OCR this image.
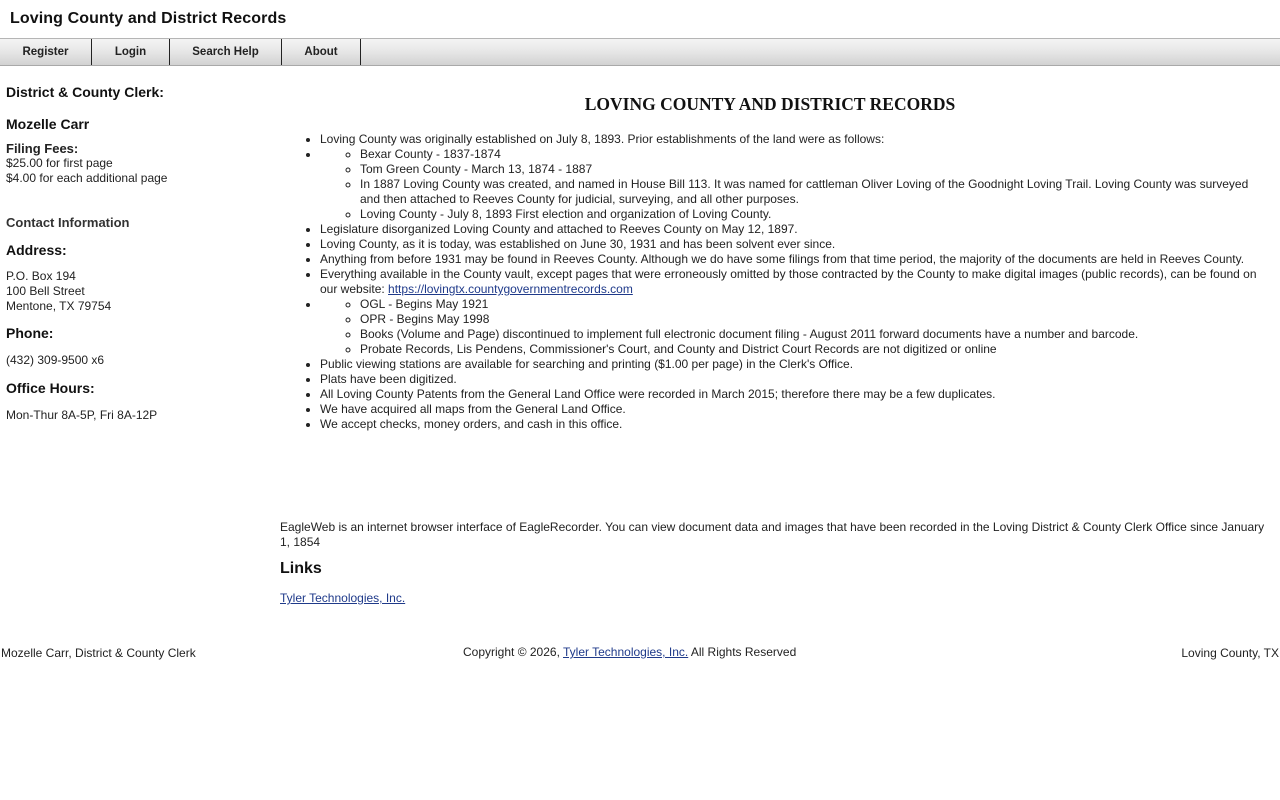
Loving County and District Records
Register	Login	Search Help	About

District & County Clerk:

Mozelle Carr

Filing Fees:
$25.00 for first page
$4.00 for each additional page
Contact Information

Address:

P.O. Box 194
100 Bell Street
Mentone, TX 79754

Phone:

(432) 309-9500 x6

Office Hours:

Mon-Thur 8A-5P, Fri 8A-12P
LOVING COUNTY AND DISTRICT RECORDS
• Loving County was originally established on July 8, 1893. Prior establishments of the land were as follows:
◦ • Bexar County - 1837-1874
◦ Tom Green County - March 13, 1874 - 1887
◦ In 1887 Loving County was created, and named in House Bill 113. It was named for cattleman Oliver Loving of the Goodnight Loving Trail. Loving County was surveyed and then attached to Reeves County for judicial, surveying, and all other purposes.
◦ Loving County - July 8, 1893 First election and organization of Loving County.
• Legislature disorganized Loving County and attached to Reeves County on May 12, 1897.
• Loving County, as it is today, was established on June 30, 1931 and has been solvent ever since.
• Anything from before 1931 may be found in Reeves County. Although we do have some filings from that time period, the majority of the documents are held in Reeves County.
• Everything available in the County vault, except pages that were erroneously omitted by those contracted by the County to make digital images (public records), can be found on our website: https://lovingtx.countygovernmentrecords.com
◦ • OGL - Begins May 1921
◦ OPR - Begins May 1998
◦ Books (Volume and Page) discontinued to implement full electronic document filing - August 2011 forward documents have a number and barcode.
◦ Probate Records, Lis Pendens, Commissioner's Court, and County and District Court Records are not digitized or online
• Public viewing stations are available for searching and printing ($1.00 per page) in the Clerk's Office.
• Plats have been digitized.
• All Loving County Patents from the General Land Office were recorded in March 2015; therefore there may be a few duplicates.
• We have acquired all maps from the General Land Office.
• We accept checks, money orders, and cash in this office.
EagleWeb is an internet browser interface of EagleRecorder. You can view document data and images that have been recorded in the Loving District & County Clerk Office since January 1, 1854
Links
Tyler Technologies, Inc.
Mozelle Carr, District & County Clerk	Copyright © 2026, Tyler Technologies, Inc. All Rights Reserved	Loving County, TX
